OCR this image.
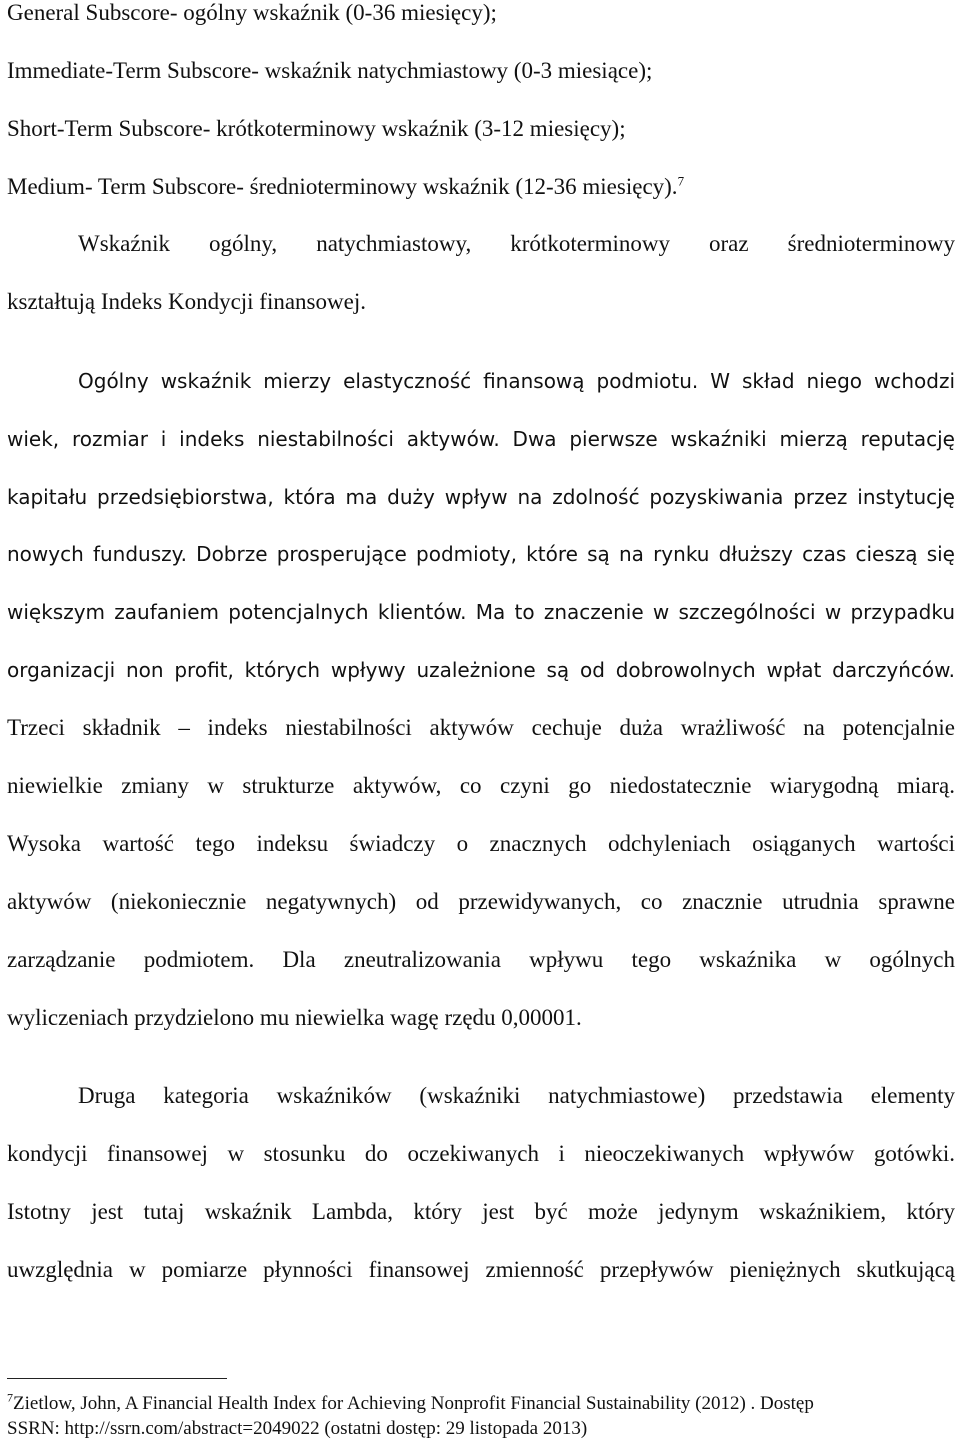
General Subscore- ogólny wskaźnik (0-36 miesięcy);
Immediate-Term Subscore- wskaźnik natychmiastowy (0-3 miesiące);
Short-Term Subscore- krótkoterminowy wskaźnik (3-12 miesięcy);
Medium- Term Subscore- średnioterminowy wskaźnik (12-36 miesięcy).$^7$
Wskaźnik ogólny, natychmiastowy, krótkoterminowy oraz średnioterminowy
kształtują Indeks Kondycji finansowej.
Ogólny wskaźnik mierzy elastyczność finansową podmiotu. W skład niego wchodzi
wiek, rozmiar i indeks niestabilności aktywów. Dwa pierwsze wskaźniki mierzą reputację
kapitału przedsiębiorstwa, która ma duży wpływ na zdolność pozyskiwania przez instytucję
nowych funduszy. Dobrze prosperujące podmioty, które są na rynku dłuższy czas cieszą się
większym zaufaniem potencjalnych klientów. Ma to znaczenie w szczególności w przypadku
organizacji non profit, których wpływy uzależnione są od dobrowolnych wpłat darczyńców.
Trzeci składnik – indeks niestabilności aktywów cechuje duża wrażliwość na potencjalnie
niewielkie zmiany w strukturze aktywów, co czyni go niedostatecznie wiarygodną miarą.
Wysoka wartość tego indeksu świadczy o znacznych odchyleniach osiąganych wartości
aktywów (niekoniecznie negatywnych) od przewidywanych, co znacznie utrudnia sprawne
zarządzanie podmiotem. Dla zneutralizowania wpływu tego wskaźnika w ogólnych
wyliczeniach przydzielono mu niewielka wagę rzędu 0,00001.
Druga kategoria wskaźników (wskaźniki natychmiastowe) przedstawia elementy
kondycji finansowej w stosunku do oczekiwanych i nieoczekiwanych wpływów gotówki.
Istotny jest tutaj wskaźnik Lambda, który jest być może jedynym wskaźnikiem, który
uwzględnia w pomiarze płynności finansowej zmienność przepływów pieniężnych skutkującą
$^7$Zietlow, John, A Financial Health Index for Achieving Nonprofit Financial Sustainability (2012) . Dostęp
SSRN: http://ssrn.com/abstract=2049022 (ostatni dostęp: 29 listopada 2013)
